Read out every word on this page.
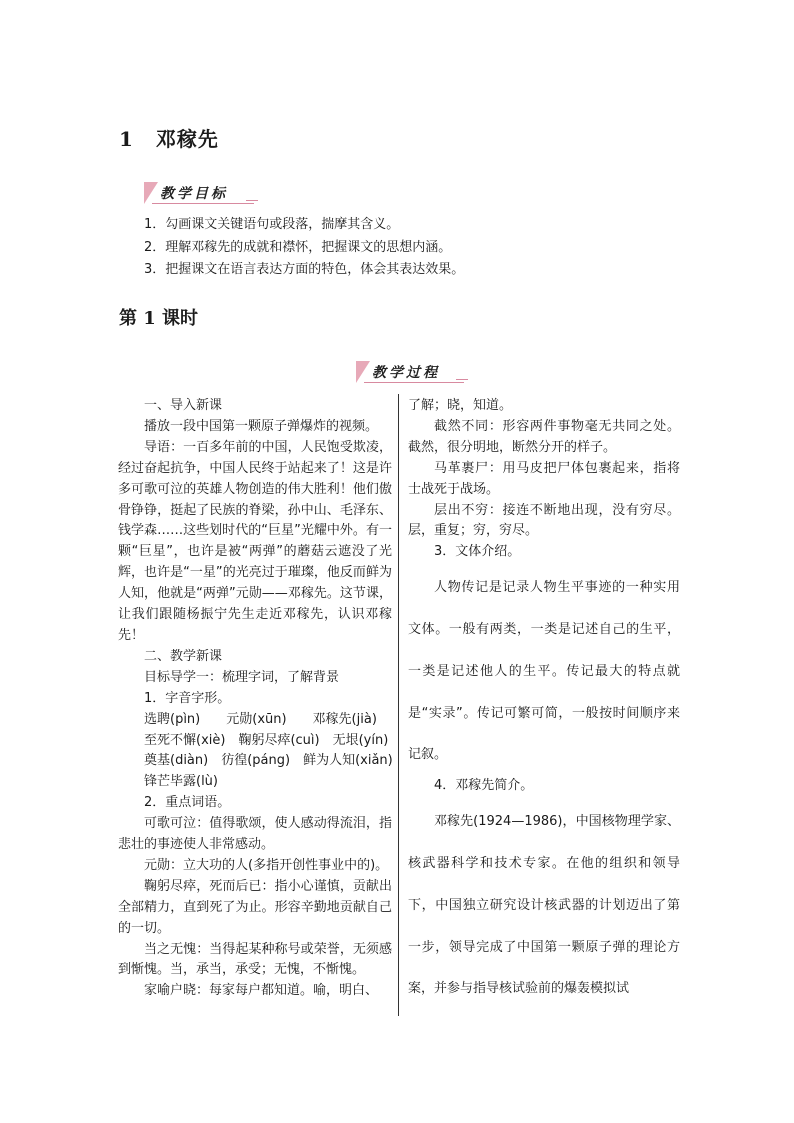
1 邓稼先
教学目标
1．勾画课文关键语句或段落，揣摩其含义。
2．理解邓稼先的成就和襟怀，把握课文的思想内涵。
3．把握课文在语言表达方面的特色，体会其表达效果。
第 1 课时
教学过程

一、导入新课

播放一段中国第一颗原子弹爆炸的视频。

导语：一百多年前的中国，人民饱受欺凌，经过奋起抗争，中国人民终于站起来了！这是许多可歌可泣的英雄人物创造的伟大胜利！他们傲骨铮铮，挺起了民族的脊梁，孙中山、毛泽东、钱学森……这些划时代的“巨星”光耀中外。有一颗“巨星”，也许是被“两弹”的蘑菇云遮没了光辉，也许是“一星”的光亮过于璀璨，他反而鲜为人知，他就是“两弹”元勋——邓稼先。这节课，让我们跟随杨振宁先生走近邓稼先，认识邓稼先！

二、教学新课

目标导学一：梳理字词，了解背景

1．字音字形。

选聘(pìn)　　元勋(xūn)　　邓稼先(jià)

至死不懈(xiè)　鞠躬尽瘁(cuì)　无垠(yín)

奠基(diàn)　彷徨(páng)　鲜为人知(xiǎn)

锋芒毕露(lù)

2．重点词语。

可歌可泣：值得歌颂，使人感动得流泪，指悲壮的事迹使人非常感动。

元勋：立大功的人(多指开创性事业中的)。

鞠躬尽瘁，死而后已：指小心谨慎，贡献出全部精力，直到死了为止。形容辛勤地贡献自己的一切。

当之无愧：当得起某种称号或荣誉，无须感到惭愧。当，承当，承受；无愧，不惭愧。

家喻户晓：每家每户都知道。喻，明白、

了解；晓，知道。

截然不同：形容两件事物毫无共同之处。截然，很分明地，断然分开的样子。

马革裹尸：用马皮把尸体包裹起来，指将士战死于战场。

层出不穷：接连不断地出现，没有穷尽。层，重复；穷，穷尽。

3．文体介绍。

人物传记是记录人物生平事迹的一种实用文体。一般有两类，一类是记述自己的生平，一类是记述他人的生平。传记最大的特点就是“实录”。传记可繁可简，一般按时间顺序来记叙。

4．邓稼先简介。

邓稼先(1924—1986)，中国核物理学家、核武器科学和技术专家。在他的组织和领导下，中国独立研究设计核武器的计划迈出了第一步，领导完成了中国第一颗原子弹的理论方案，并参与指导核试验前的爆轰模拟试
